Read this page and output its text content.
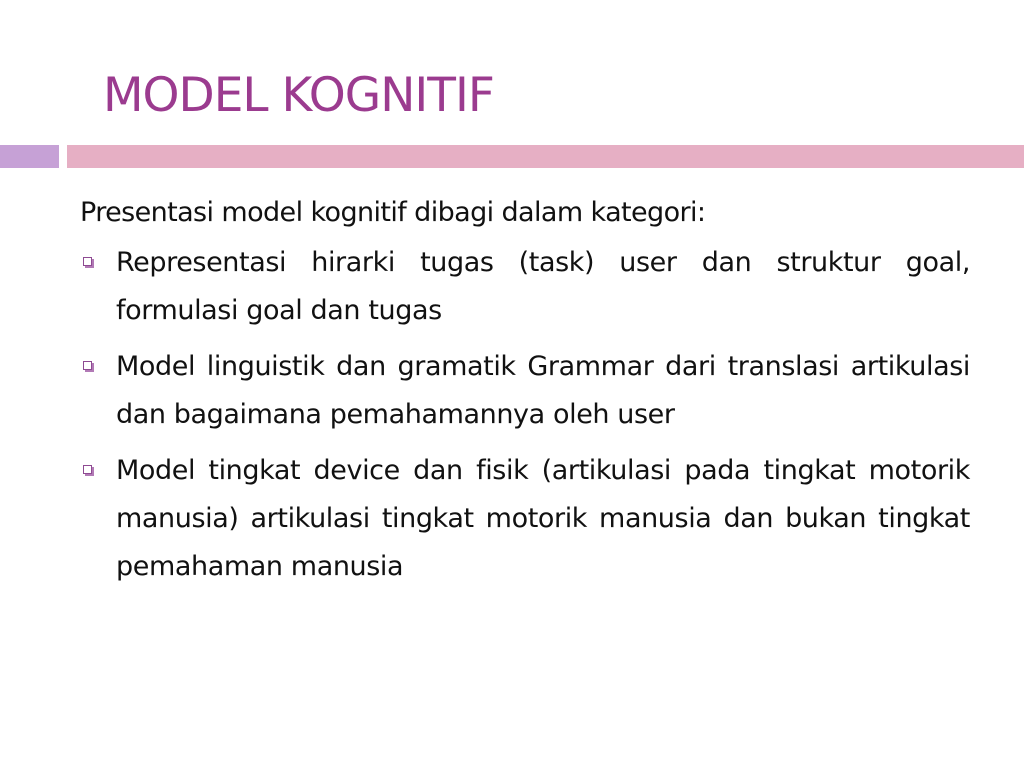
MODEL KOGNITIF

Presentasi model kognitif dibagi dalam kategori:

Representasi hirarki tugas (task) user dan struktur goal, formulasi goal dan tugas
Model linguistik dan gramatik Grammar dari translasi artikulasi dan bagaimana pemahamannya oleh user
Model tingkat device dan fisik (artikulasi pada tingkat motorik manusia) artikulasi tingkat motorik manusia dan bukan tingkat pemahaman manusia
